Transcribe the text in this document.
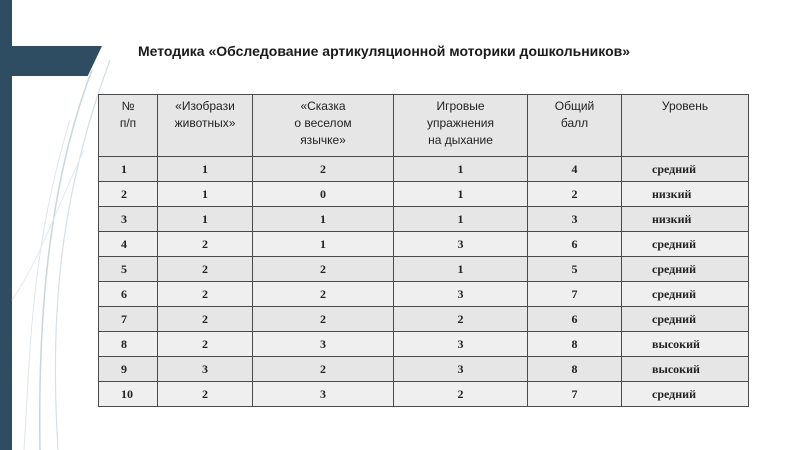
Методика «Обследование артикуляционной моторики дошкольников»
№
п/п	«Изобрази
животных»	«Сказка
о веселом
язычке»	Игровые
упражнения
на дыхание	Общий
балл	Уровень
1	1	2	1	4	средний
2	1	0	1	2	низкий
3	1	1	1	3	низкий
4	2	1	3	6	средний
5	2	2	1	5	средний
6	2	2	3	7	средний
7	2	2	2	6	средний
8	2	3	3	8	высокий
9	3	2	3	8	высокий
10	2	3	2	7	средний
